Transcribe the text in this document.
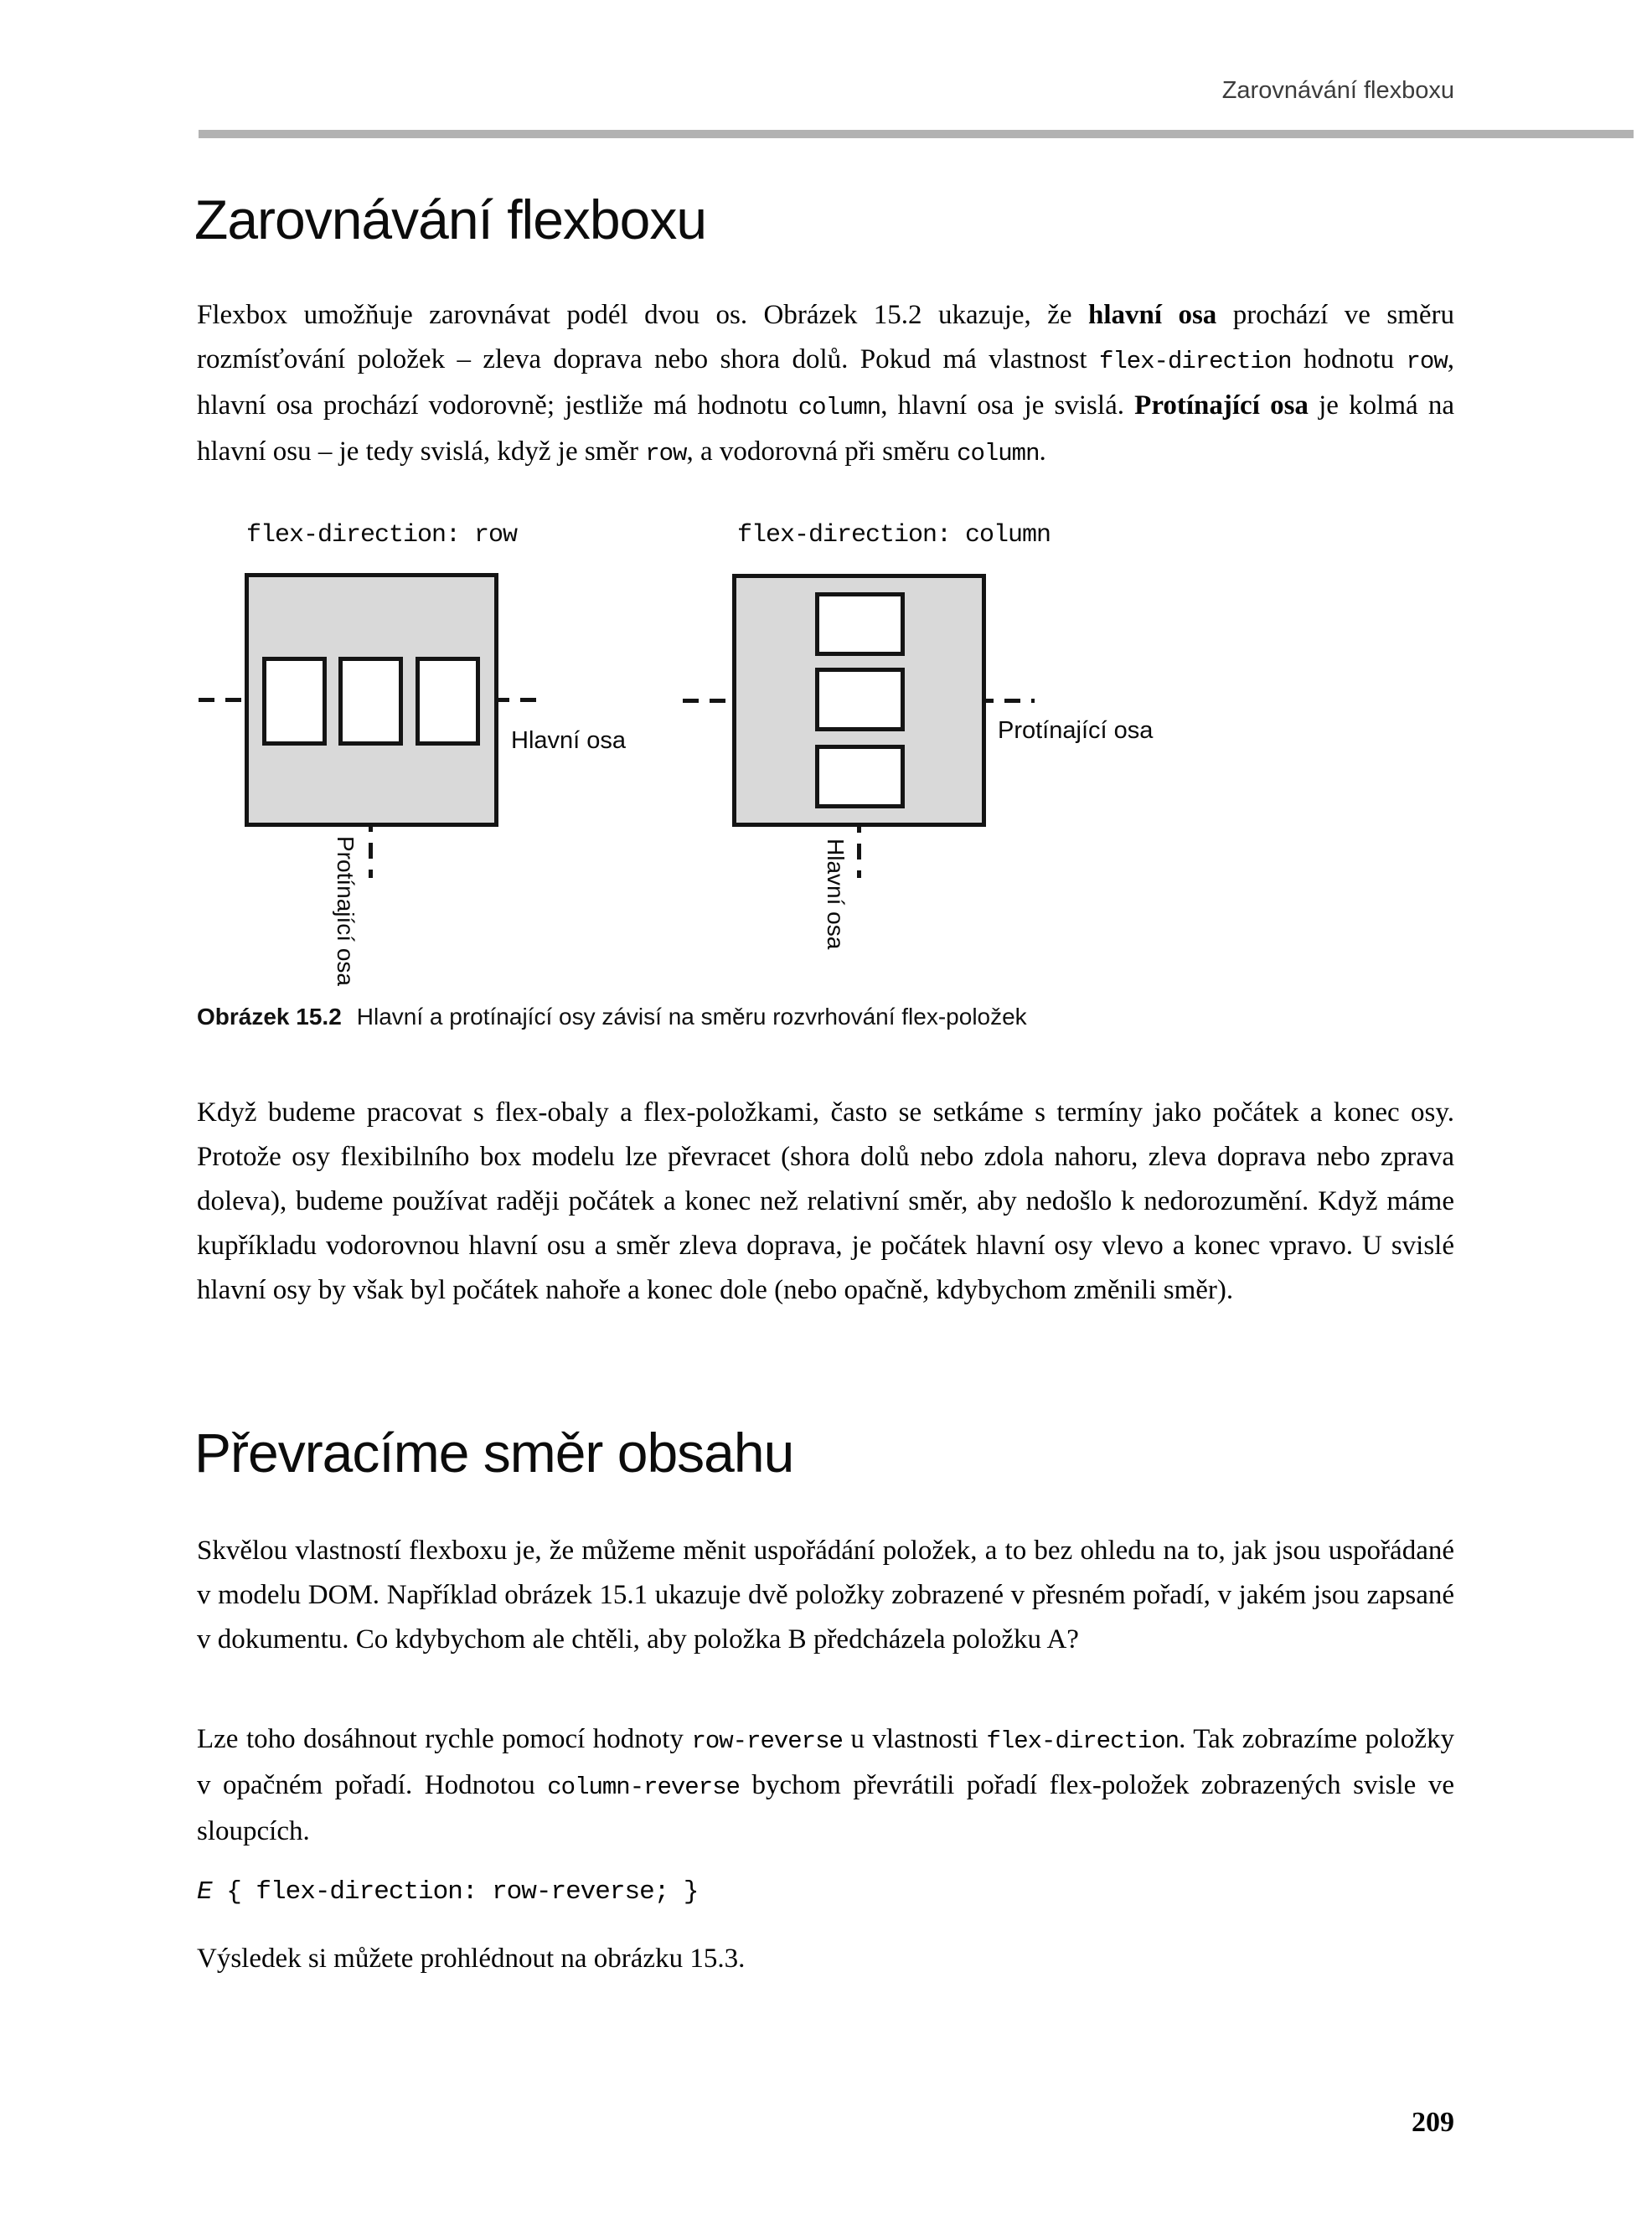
Zarovnávání flexboxu
Zarovnávání flexboxu
Flexbox umožňuje zarovnávat podél dvou os. Obrázek 15.2 ukazuje, že hlavní osa prochází ve směru rozmísťování položek – zleva doprava nebo shora dolů. Pokud má vlastnost flex-direction hodnotu row, hlavní osa prochází vodorovně; jestliže má hodnotu column, hlavní osa je svislá. Protínající osa je kolmá na hlavní osu – je tedy svislá, když je směr row, a vodorovná při směru column.
flex-direction: row	flex-direction: column
Hlavní osa
Protínající osa
Protínající osa
Hlavní osa
Obrázek 15.2 Hlavní a protínající osy závisí na směru rozvrhování flex-položek
Když budeme pracovat s flex-obaly a flex-položkami, často se setkáme s termíny jako počátek a konec osy. Protože osy flexibilního box modelu lze převracet (shora dolů nebo zdola nahoru, zleva doprava nebo zprava doleva), budeme používat raději počátek a konec než relativní směr, aby nedošlo k nedorozumění. Když máme kupříkladu vodorovnou hlavní osu a směr zleva doprava, je počátek hlavní osy vlevo a konec vpravo. U svislé hlavní osy by však byl počátek nahoře a konec dole (nebo opačně, kdybychom změnili směr).
Převracíme směr obsahu
Skvělou vlastností flexboxu je, že můžeme měnit uspořádání položek, a to bez ohledu na to, jak jsou uspořádané v modelu DOM. Například obrázek 15.1 ukazuje dvě položky zobrazené v přesném pořadí, v jakém jsou zapsané v dokumentu. Co kdybychom ale chtěli, aby položka B předcházela položku A?
Lze toho dosáhnout rychle pomocí hodnoty row-reverse u vlastnosti flex-direction. Tak zobrazíme položky v opačném pořadí. Hodnotou column-reverse bychom převrátili pořadí flex-položek zobrazených svisle ve sloupcích.
E { flex-direction: row-reverse; }
Výsledek si můžete prohlédnout na obrázku 15.3.
209
